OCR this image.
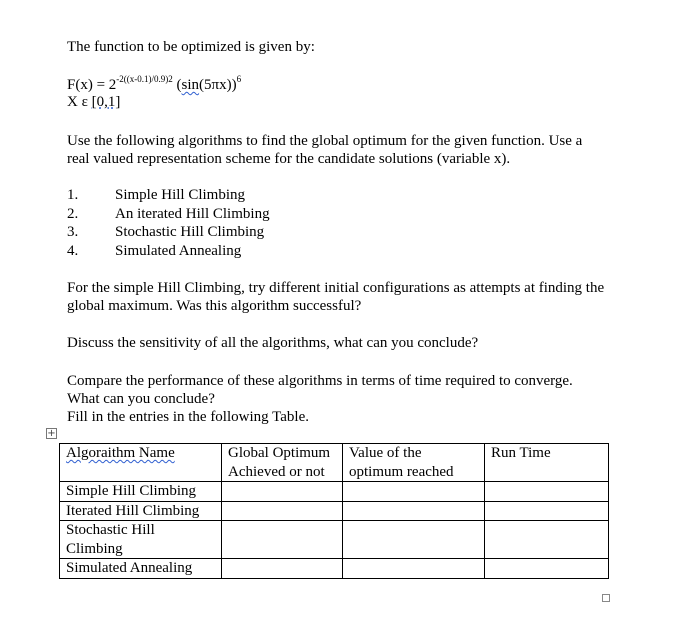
The function to be optimized is given by:
$F(x) = 2^{-2((x-0.1)/0.9)2}$ $(\sin(5\pi x))^6$
X ε [0,1]
Use the following algorithms to find the global optimum for the given function. Use a
real valued representation scheme for the candidate solutions (variable x).
1.	Simple Hill Climbing
2.	An iterated Hill Climbing
3.	Stochastic Hill Climbing
4.	Simulated Annealing
For the simple Hill Climbing, try different initial configurations as attempts at finding the
global maximum. Was this algorithm successful?
Discuss the sensitivity of all the algorithms, what can you conclude?
Compare the performance of these algorithms in terms of time required to converge.
What can you conclude?
Fill in the entries in the following Table.
+
Algoraithm Name	Global Optimum Achieved or not	Value of the optimum reached	Run Time
Simple Hill Climbing			
Iterated Hill Climbing			
Stochastic Hill Climbing			
Simulated Annealing			
